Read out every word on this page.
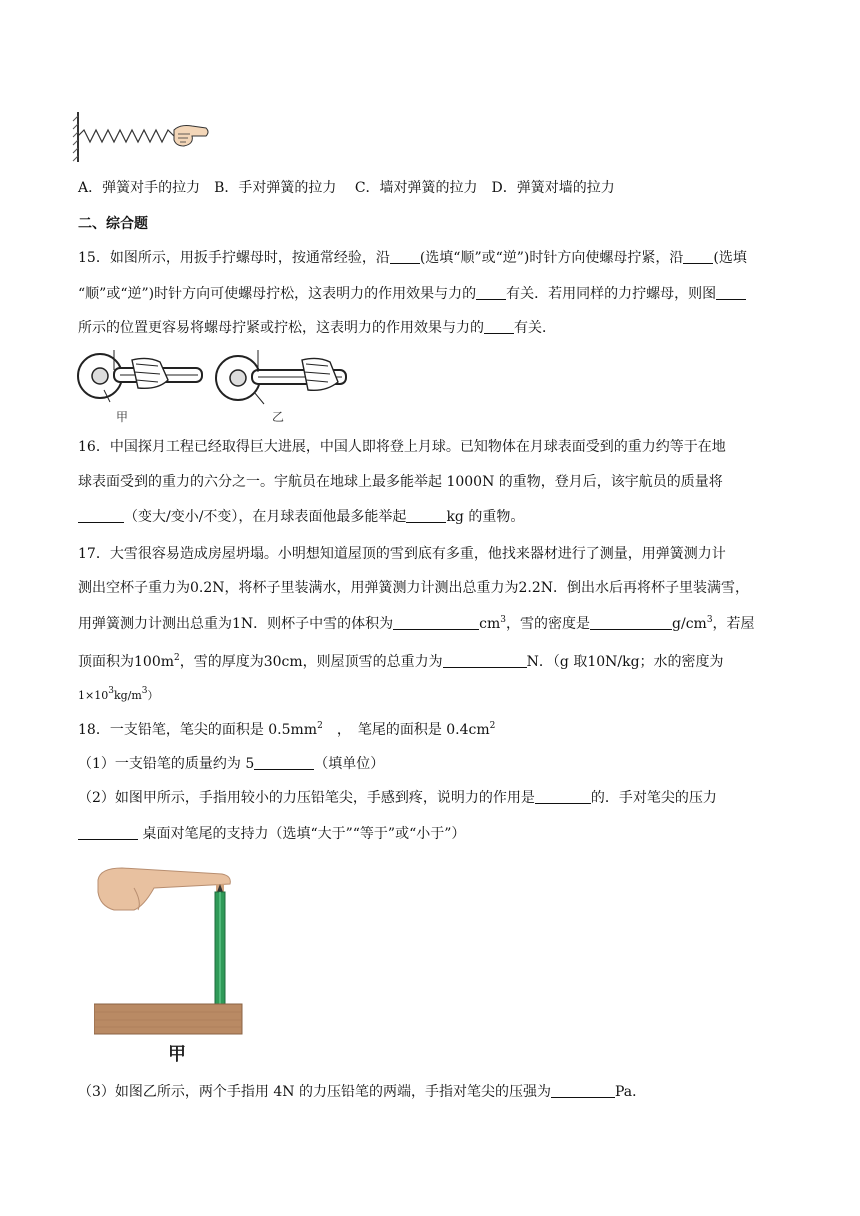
A．弹簧对手的拉力　B．手对弹簧的拉力　 C．墙对弹簧的拉力　D．弹簧对墙的拉力
二、综合题
15．如图所示，用扳手拧螺母时，按通常经验，沿 (选填“顺”或“逆”)时针方向使螺母拧紧，沿 (选填
“顺”或“逆”)时针方向可使螺母拧松，这表明力的作用效果与力的 有关．若用同样的力拧螺母，则图
所示的位置更容易将螺母拧紧或拧松，这表明力的作用效果与力的 有关．
甲	乙
16．中国探月工程已经取得巨大进展，中国人即将登上月球。已知物体在月球表面受到的重力约等于在地
球表面受到的重力的六分之一。宇航员在地球上最多能举起 1000N 的重物，登月后，该宇航员的质量将
（变大/变小/不变），在月球表面他最多能举起	kg 的重物。
17．大雪很容易造成房屋坍塌。小明想知道屋顶的雪到底有多重，他找来器材进行了测量，用弹簧测力计
测出空杯子重力为0.2N，将杯子里装满水，用弹簧测力计测出总重力为2.2N．倒出水后再将杯子里装满雪，
用弹簧测力计测出总重为1N．则杯子中雪的体积为	$cm^3$，雪的密度是	$g/cm^3$，若屋
顶面积为$100m^2$，雪的厚度为30cm，则屋顶雪的总重力为	N．（g 取10N/kg；水的密度为
$1\times 10^3kg/m^3$）
18．一支铅笔，笔尖的面积是 $0.5mm^2$　，　笔尾的面积是 $0.4cm^2$
（1）一支铅笔的质量约为 5	（填单位）
（2）如图甲所示，手指用较小的力压铅笔尖，手感到疼，说明力的作用是	的．手对笔尖的压力
桌面对笔尾的支持力（选填“大于”“等于”或“小于”）
甲
（3）如图乙所示，两个手指用 4N 的力压铅笔的两端，手指对笔尖的压强为	Pa．
